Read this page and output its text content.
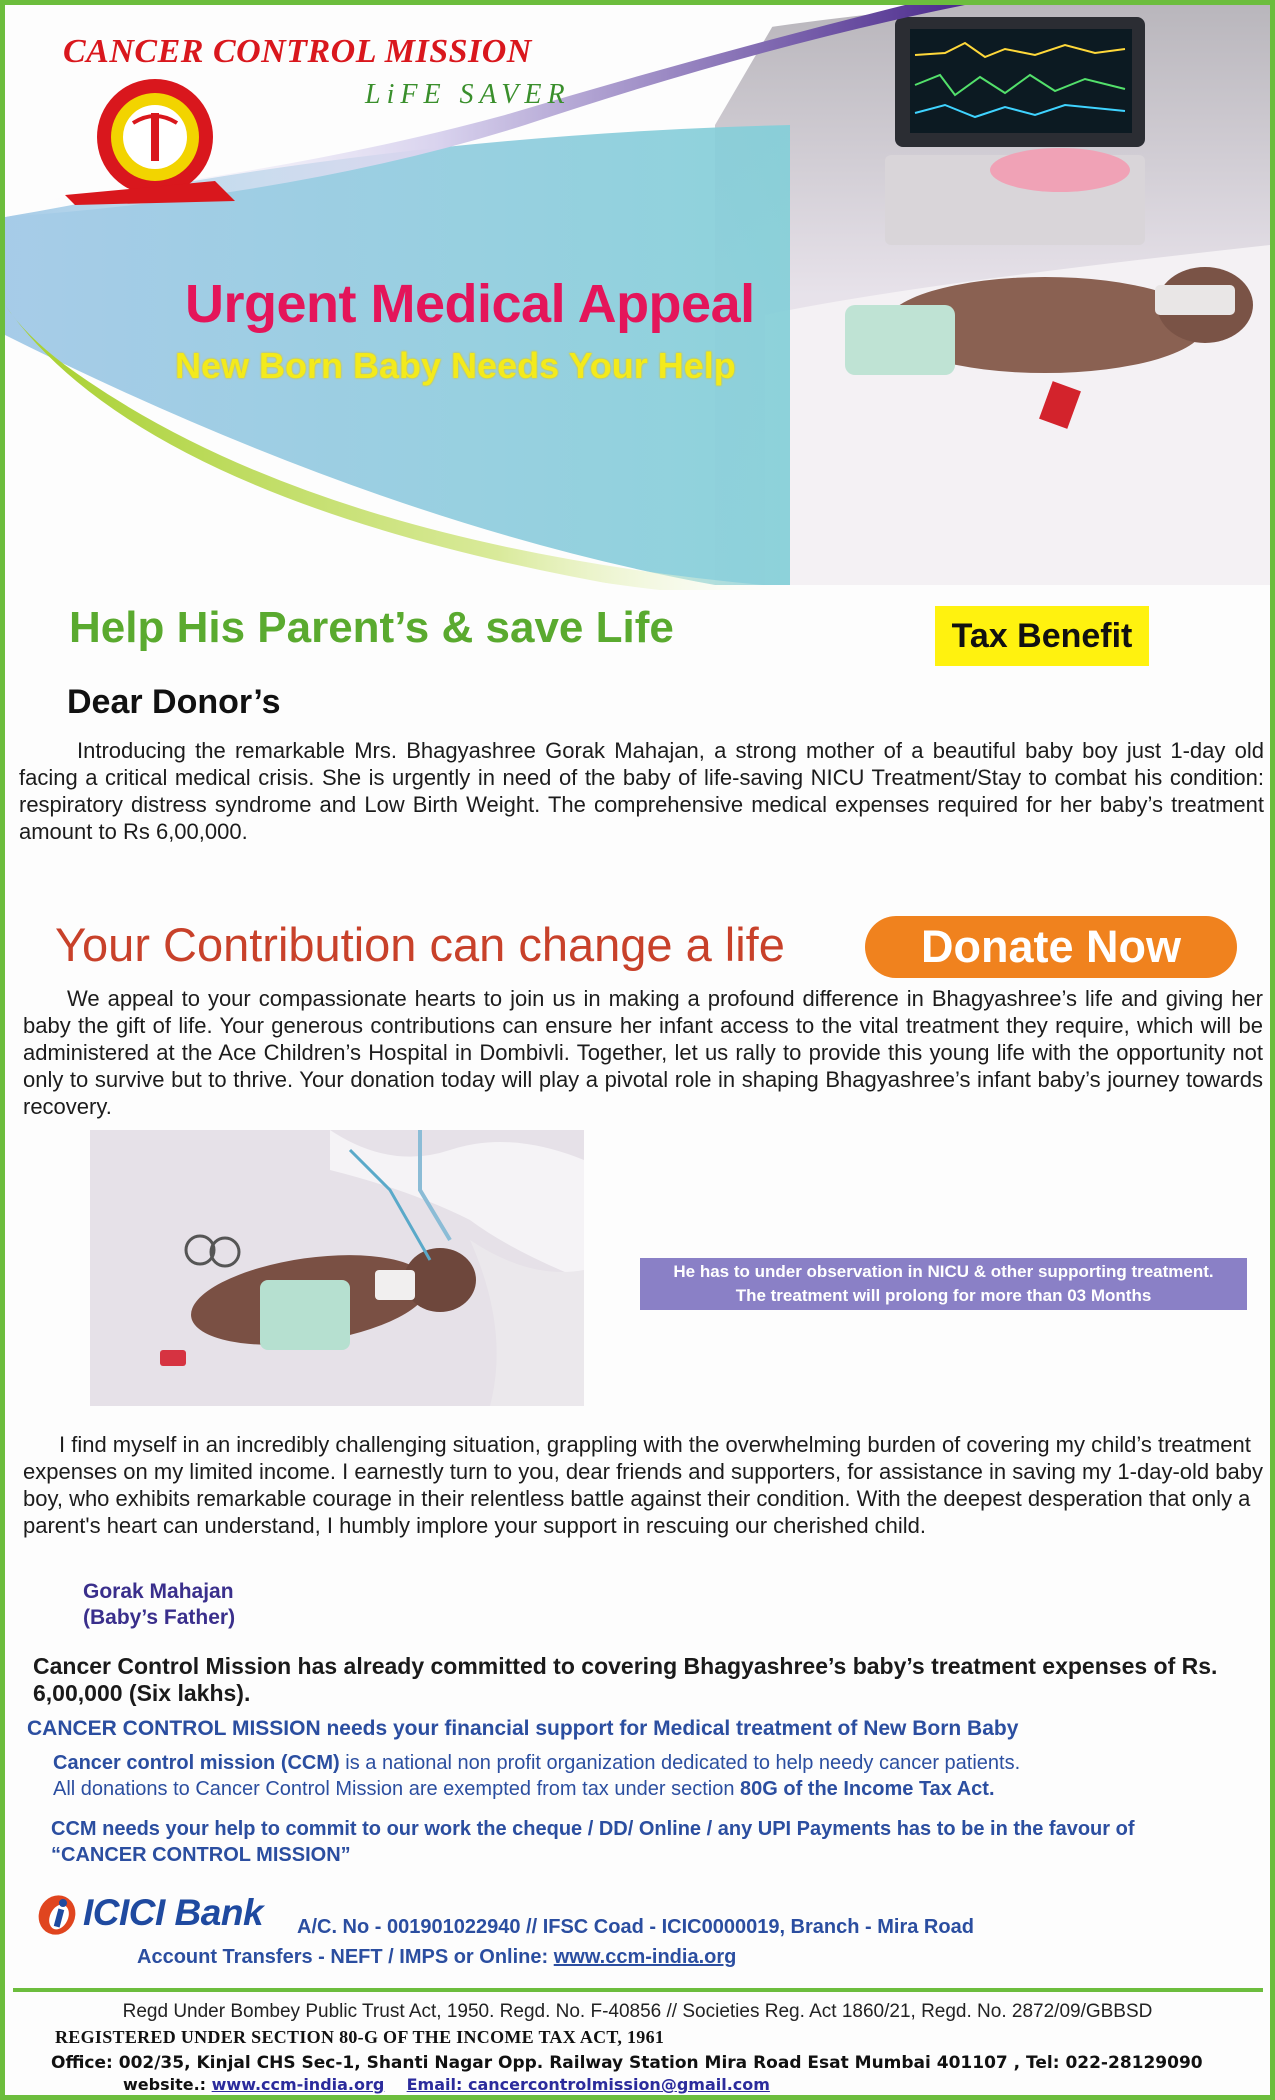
CANCER CONTROL MISSION
LiFE SAVER
Urgent Medical Appeal
New Born Baby Needs Your Help
Help His Parent’s & save Life	Tax Benefit
Dear Donor’s

Introducing the remarkable Mrs. Bhagyashree Gorak Mahajan, a strong mother of a beautiful baby boy just 1-day old facing a critical medical crisis. She is urgently in need of the baby of life-saving NICU Treatment/Stay to combat his condition: respiratory distress syndrome and Low Birth Weight. The comprehensive medical expenses required for her baby’s treatment amount to Rs 6,00,000.

Your Contribution can change a life	Donate Now

We appeal to your compassionate hearts to join us in making a profound difference in Bhagyashree’s life and giving her baby the gift of life. Your generous contributions can ensure her infant access to the vital treatment they require, which will be administered at the Ace Children’s Hospital in Dombivli. Together, let us rally to provide this young life with the opportunity not only to survive but to thrive. Your donation today will play a pivotal role in shaping Bhagyashree’s infant baby’s journey towards recovery.

He has to under observation in NICU & other supporting treatment.
The treatment will prolong for more than 03 Months

I find myself in an incredibly challenging situation, grappling with the overwhelming burden of covering my child’s treatment expenses on my limited income. I earnestly turn to you, dear friends and supporters, for assistance in saving my 1-day-old baby boy, who exhibits remarkable courage in their relentless battle against their condition. With the deepest desperation that only a parent's heart can understand, I humbly implore your support in rescuing our cherished child.

Gorak Mahajan
(Baby’s Father)
Cancer Control Mission has already committed to covering Bhagyashree’s baby’s treatment expenses of Rs. 6,00,000 (Six lakhs).
CANCER CONTROL MISSION needs your financial support for Medical treatment of New Born Baby
Cancer control mission (CCM) is a national non profit organization dedicated to help needy cancer patients.
All donations to Cancer Control Mission are exempted from tax under section 80G of the Income Tax Act.
CCM needs your help to commit to our work the cheque / DD/ Online / any UPI Payments has to be in the favour of “CANCER CONTROL MISSION”
ICICI Bank A/C. No - 001901022940 // IFSC Coad - ICIC0000019, Branch - Mira Road
Account Transfers - NEFT / IMPS or Online: www.ccm-india.org
Regd Under Bombey Public Trust Act, 1950. Regd. No. F-40856 // Societies Reg. Act 1860/21, Regd. No. 2872/09/GBBSD
REGISTERED UNDER SECTION 80-G OF THE INCOME TAX ACT, 1961
Office: 002/35, Kinjal CHS Sec-1, Shanti Nagar Opp. Railway Station Mira Road Esat Mumbai 401107 , Tel: 022-28129090
website.: www.ccm-india.org Email: cancercontrolmission@gmail.com
